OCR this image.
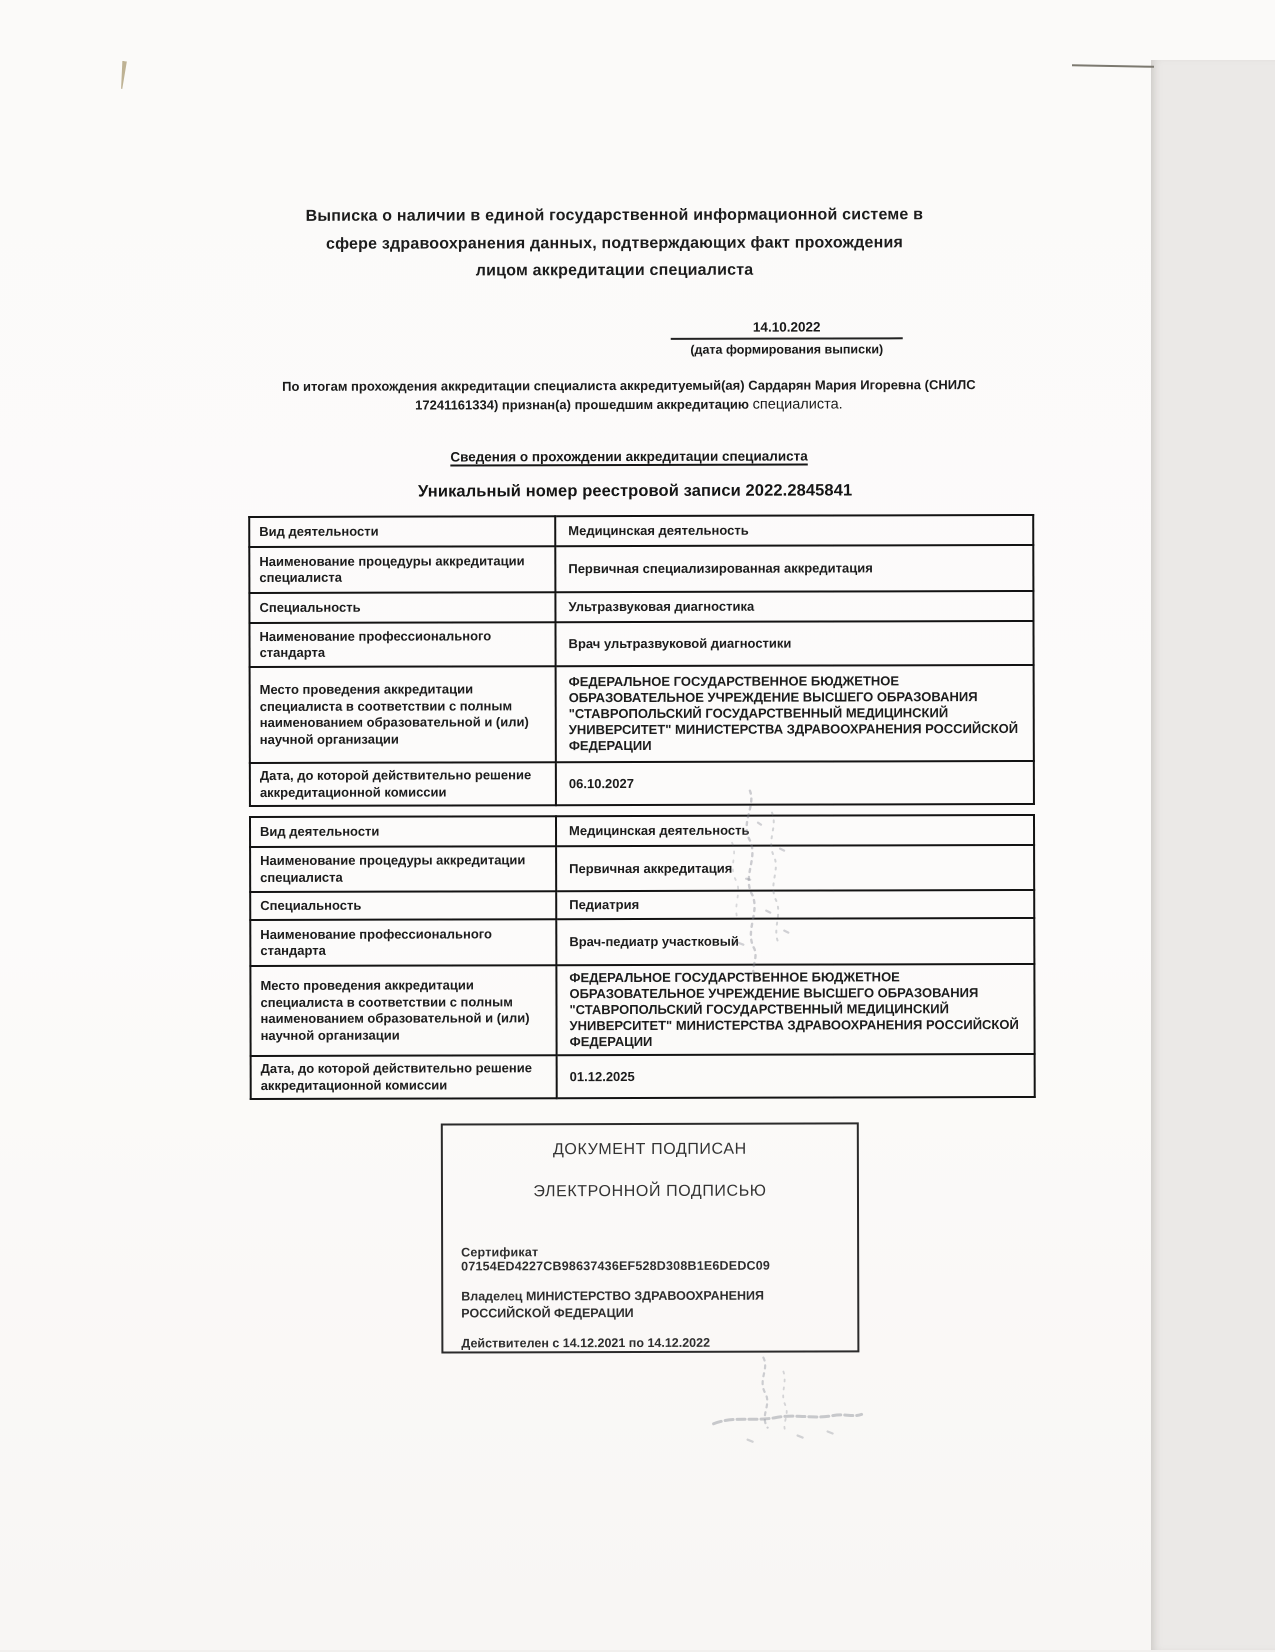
Выписка о наличии в единой государственной информационной системе в сфере здравоохранения данных, подтверждающих факт прохождения лицом аккредитации специалиста
14.10.2022
(дата формирования выписки)
По итогам прохождения аккредитации специалиста аккредитуемый(ая) Сардарян Мария Игоревна (СНИЛС 17241161334) признан(а) прошедшим аккредитацию специалиста.
Сведения о прохождении аккредитации специалиста
Уникальный номер реестровой записи 2022.2845841
Вид деятельности	Медицинская деятельность
Наименование процедуры аккредитации специалиста	Первичная специализированная аккредитация
Специальность	Ультразвуковая диагностика
Наименование профессионального стандарта	Врач ультразвуковой диагностики
Место проведения аккредитации специалиста в соответствии с полным наименованием образовательной и (или) научной организации	ФЕДЕРАЛЬНОЕ ГОСУДАРСТВЕННОЕ БЮДЖЕТНОЕ ОБРАЗОВАТЕЛЬНОЕ УЧРЕЖДЕНИЕ ВЫСШЕГО ОБРАЗОВАНИЯ "СТАВРОПОЛЬСКИЙ ГОСУДАРСТВЕННЫЙ МЕДИЦИНСКИЙ УНИВЕРСИТЕТ" МИНИСТЕРСТВА ЗДРАВООХРАНЕНИЯ РОССИЙСКОЙ ФЕДЕРАЦИИ
Дата, до которой действительно решение аккредитационной комиссии	06.10.2027
Вид деятельности	Медицинская деятельность
Наименование процедуры аккредитации специалиста	Первичная аккредитация
Специальность	Педиатрия
Наименование профессионального стандарта	Врач-педиатр участковый
Место проведения аккредитации специалиста в соответствии с полным наименованием образовательной и (или) научной организации	ФЕДЕРАЛЬНОЕ ГОСУДАРСТВЕННОЕ БЮДЖЕТНОЕ ОБРАЗОВАТЕЛЬНОЕ УЧРЕЖДЕНИЕ ВЫСШЕГО ОБРАЗОВАНИЯ "СТАВРОПОЛЬСКИЙ ГОСУДАРСТВЕННЫЙ МЕДИЦИНСКИЙ УНИВЕРСИТЕТ" МИНИСТЕРСТВА ЗДРАВООХРАНЕНИЯ РОССИЙСКОЙ ФЕДЕРАЦИИ
Дата, до которой действительно решение аккредитационной комиссии	01.12.2025
ДОКУМЕНТ ПОДПИСАН
ЭЛЕКТРОННОЙ ПОДПИСЬЮ
Сертификат 07154ED4227CB98637436EF528D308B1E6DEDC09
Владелец МИНИСТЕРСТВО ЗДРАВООХРАНЕНИЯ РОССИЙСКОЙ ФЕДЕРАЦИИ
Действителен с 14.12.2021 по 14.12.2022
